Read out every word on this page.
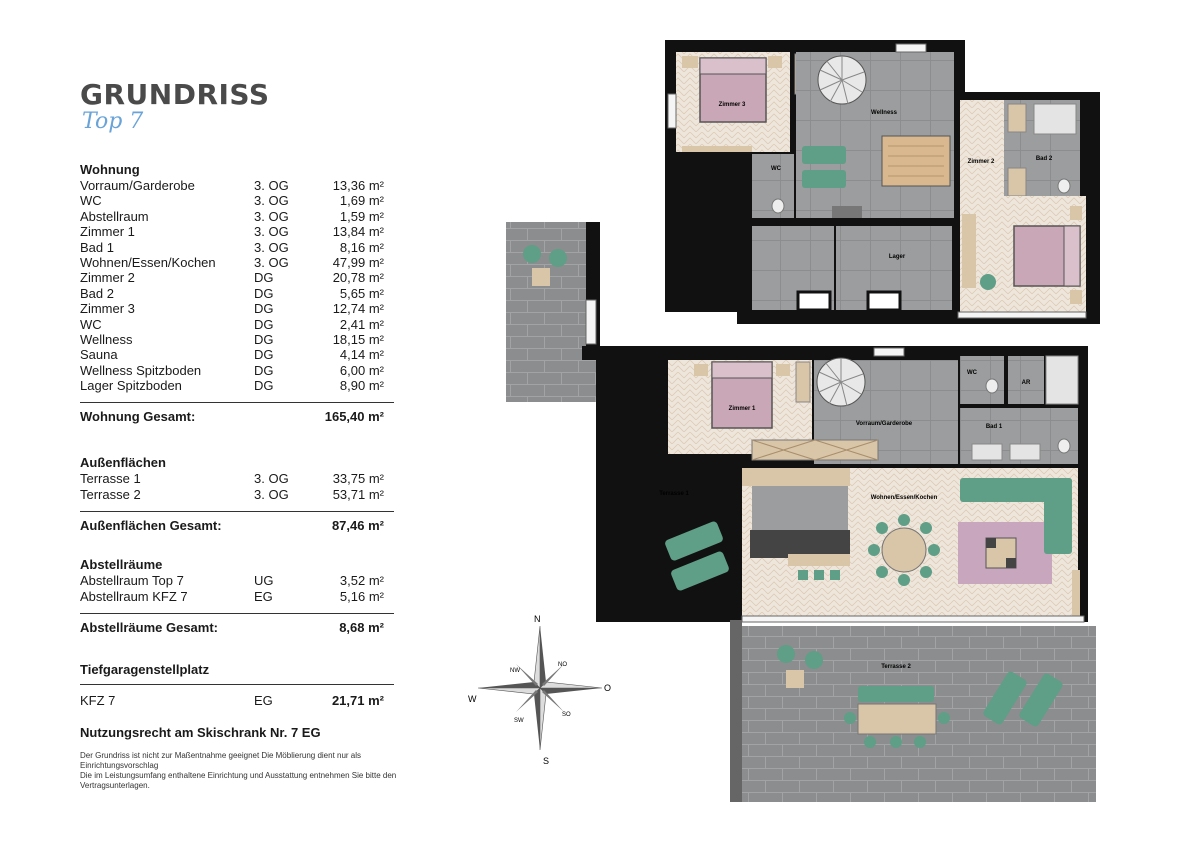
GRUNDRISS
Top 7
Wohnung
Vorraum/Garderobe	3. OG	13,36 m²
WC	3. OG	1,69 m²
Abstellraum	3. OG	1,59 m²
Zimmer 1	3. OG	13,84 m²
Bad 1	3. OG	8,16 m²
Wohnen/Essen/Kochen	3. OG	47,99 m²
Zimmer 2	DG	20,78 m²
Bad 2	DG	5,65 m²
Zimmer 3	DG	12,74 m²
WC	DG	2,41 m²
Wellness	DG	18,15 m²
Sauna	DG	4,14 m²
Wellness Spitzboden	DG	6,00 m²
Lager Spitzboden	DG	8,90 m²
Wohnung Gesamt:	165,40 m²
Außenflächen
Terrasse 1	3. OG	33,75 m²
Terrasse 2	3. OG	53,71 m²
Außenflächen Gesamt:	87,46 m²
Abstellräume
Abstellraum Top 7	UG	3,52 m²
Abstellraum KFZ 7	EG	5,16 m²
Abstellräume Gesamt:	8,68 m²
Tiefgaragenstellplatz
KFZ 7	EG	21,71 m²
Nutzungsrecht am Skischrank Nr. 7 EG
Der Grundriss ist nicht zur Maßentnahme geeignet Die Möblierung dient nur als Einrichtungsvorschlag
Die im Leistungsumfang enthaltene Einrichtung und Ausstattung entnehmen Sie bitte den Vertragsunterlagen.
Zimmer 3
Wellness
WC
Zimmer 2	Bad 2
Lager
Zimmer 1
Vorraum/Garderobe
WC
AR
Bad 1
Terrasse 1
Wohnen/Essen/Kochen
Terrasse 2
N
S
O
W
NO
NW
SO
SW
